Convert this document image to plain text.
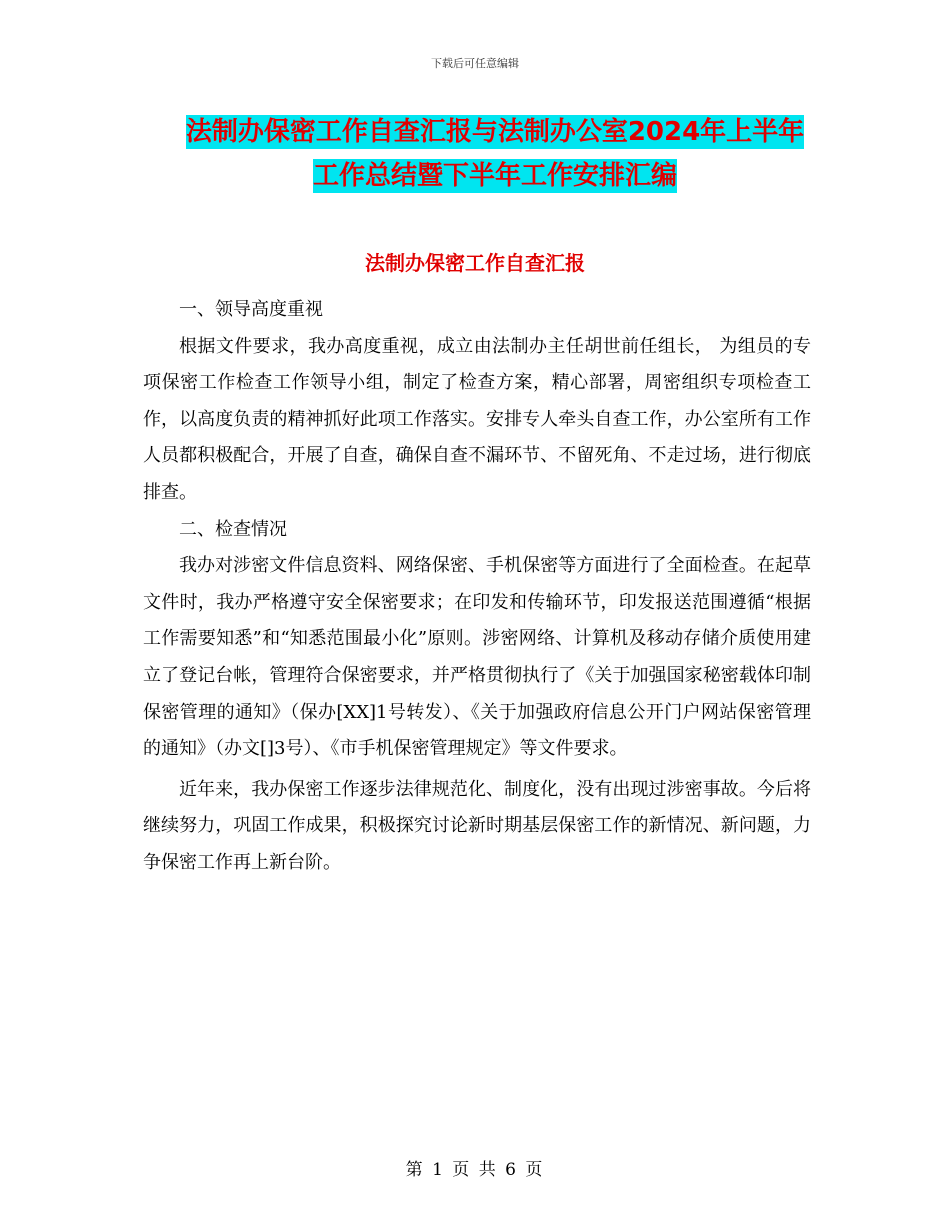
下载后可任意编辑
法制办保密工作自查汇报与法制办公室2024年上半年
工作总结暨下半年工作安排汇编
法制办保密工作自查汇报

一、领导高度重视

根据文件要求，我办高度重视，成立由法制办主任胡世前任组长， 为组员的专项保密工作检查工作领导小组，制定了检查方案，精心部署，周密组织专项检查工作，以高度负责的精神抓好此项工作落实。安排专人牵头自查工作，办公室所有工作人员都积极配合，开展了自查，确保自查不漏环节、不留死角、不走过场，进行彻底排查。

二、检查情况

我办对涉密文件信息资料、网络保密、手机保密等方面进行了全面检查。在起草文件时，我办严格遵守安全保密要求；在印发和传输环节，印发报送范围遵循“根据工作需要知悉”和“知悉范围最小化”原则。涉密网络、计算机及移动存储介质使用建立了登记台帐，管理符合保密要求，并严格贯彻执行了《关于加强国家秘密载体印制保密管理的通知》（保办[XX]1号转发）、《关于加强政府信息公开门户网站保密管理的通知》（办文[]3号）、《市手机保密管理规定》等文件要求。

近年来，我办保密工作逐步法律规范化、制度化，没有出现过涉密事故。今后将继续努力，巩固工作成果，积极探究讨论新时期基层保密工作的新情况、新问题，力争保密工作再上新台阶。

第 1 页 共 6 页
